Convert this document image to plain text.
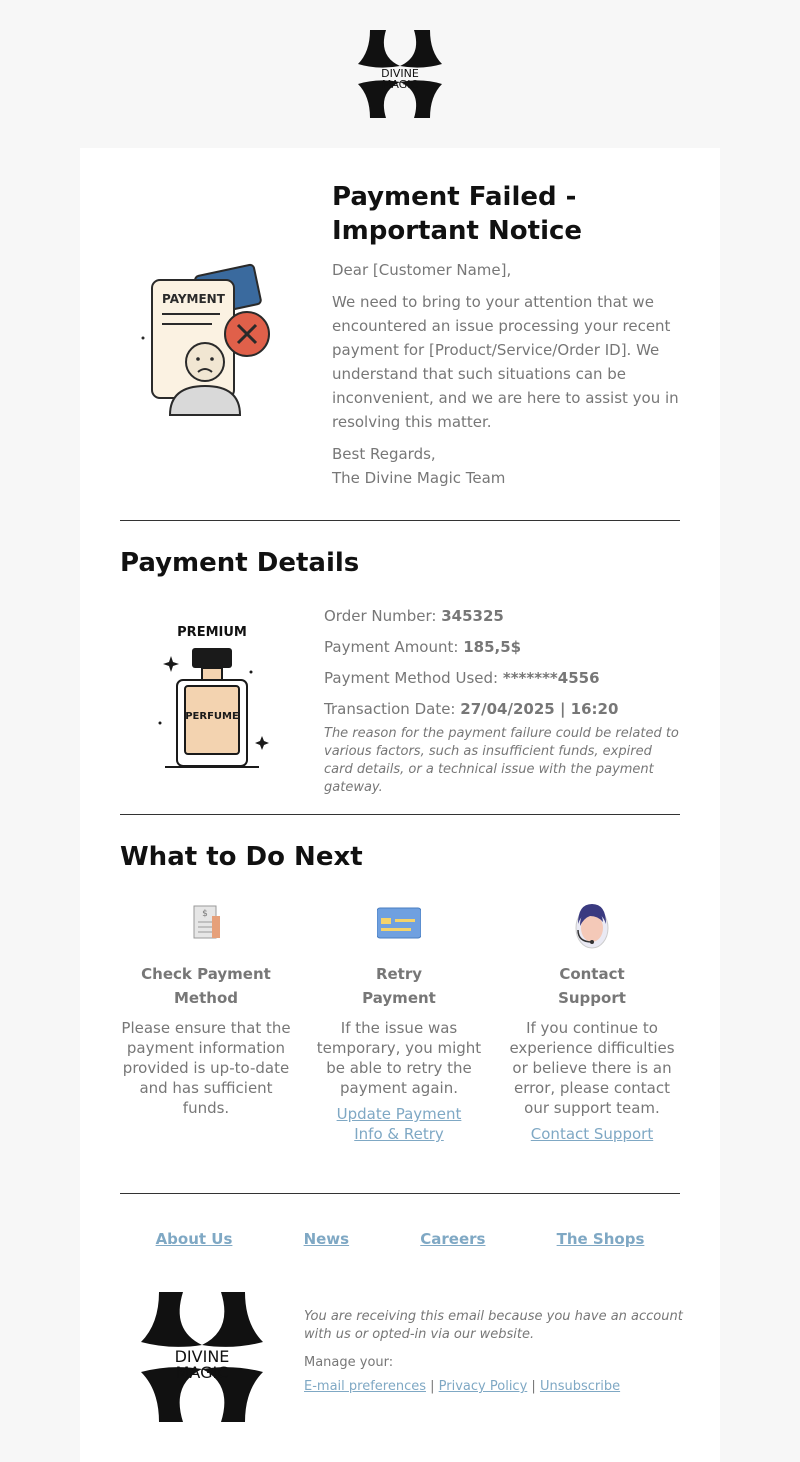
DIVINE
MAGIC
PAYMENT
Payment Failed - Important Notice

Dear [Customer Name],

We need to bring to your attention that we encountered an issue processing your recent payment for [Product/Service/Order ID]. We understand that such situations can be inconvenient, and we are here to assist you in resolving this matter.

Best Regards,

The Divine Magic Team

Payment Details
PREMIUM
PERFUME

Order Number: 345325

Payment Amount: 185,5$

Payment Method Used: *******4556

Transaction Date: 27/04/2025 | 16:20

The reason for the payment failure could be related to various factors, such as insufficient funds, expired card details, or a technical issue with the payment gateway.

What to Do Next
$

Check Payment

Method

Please ensure that the payment information provided is up-to-date and has sufficient funds.

Retry

Payment

If the issue was temporary, you might be able to retry the payment again.

Update Payment
Info & Retry

Contact

Support

If you continue to experience difficulties or believe there is an error, please contact our support team.

Contact Support
About Us	News	Careers	The Shops
DIVINE
MAGIC

You are receiving this email because you have an account with us or opted-in via our website.

Manage your:

E-mail preferences | Privacy Policy | Unsubscribe
